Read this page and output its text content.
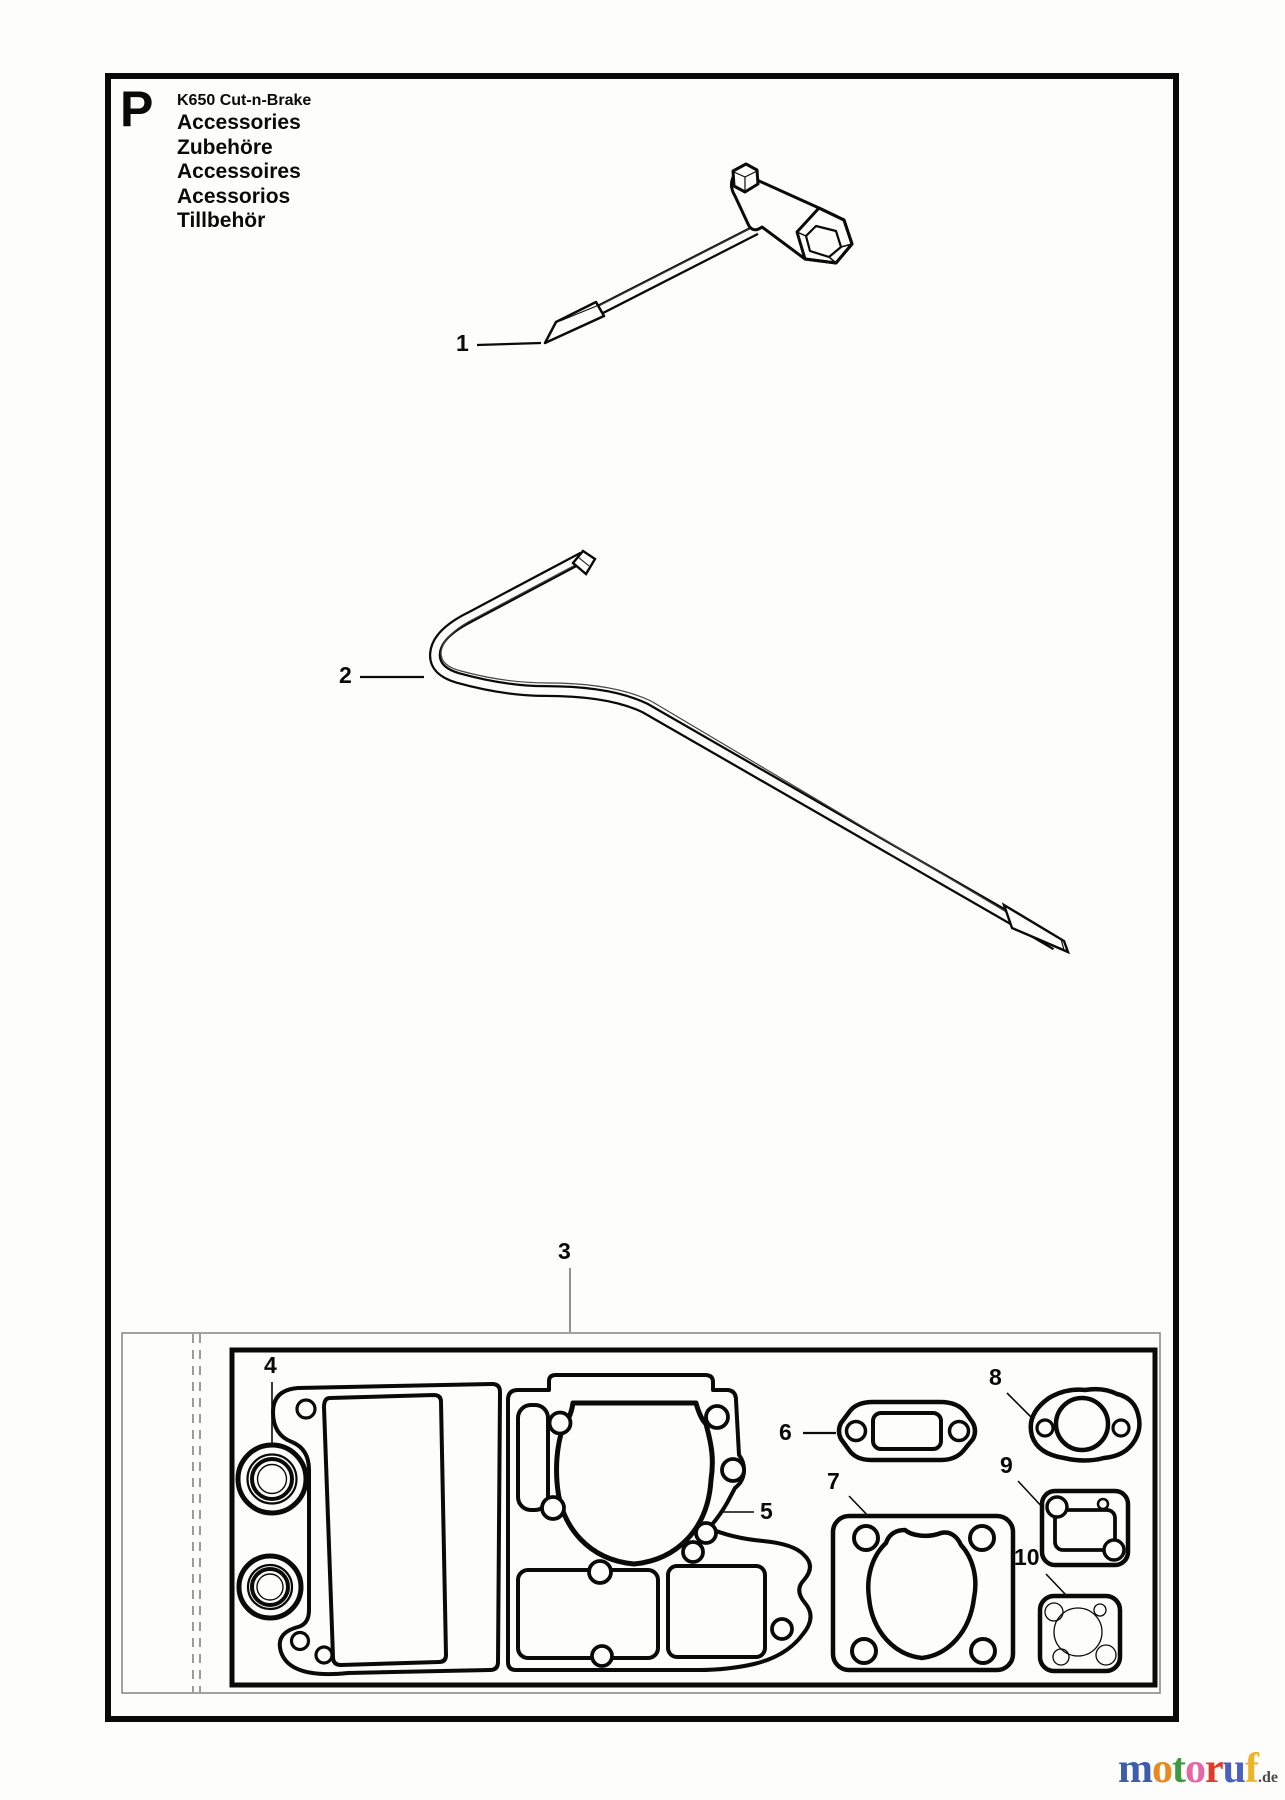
P K650 Cut-n-Brake
Accessories
Zubehöre
Accessoires
Acessorios
Tillbehör
1
2
3
4
5
6
7
8
9
10
motoruf.de
